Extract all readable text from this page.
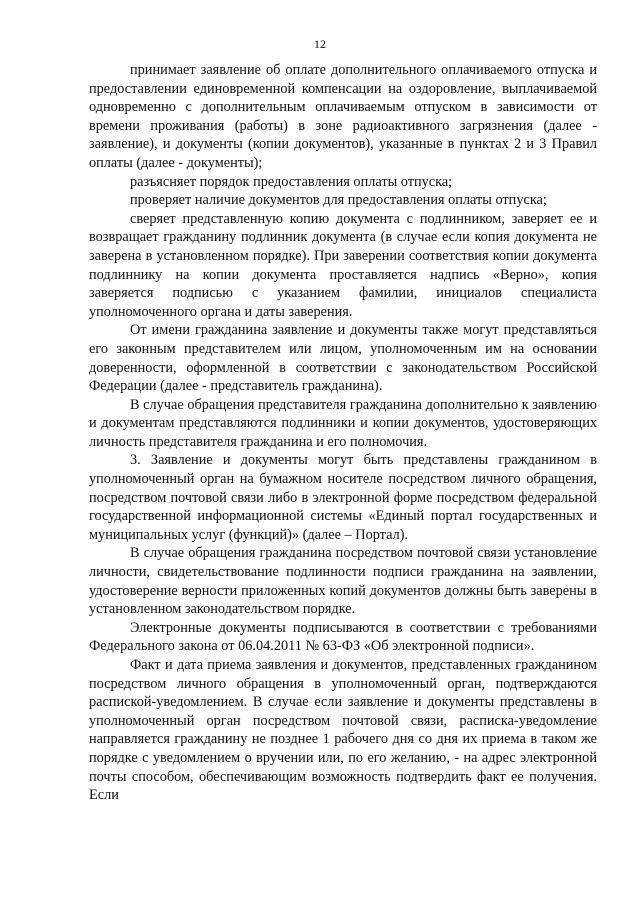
12

принимает заявление об оплате дополнительного оплачиваемого отпуска и предоставлении единовременной компенсации на оздоровление, выплачиваемой одновременно с дополнительным оплачиваемым отпуском в зависимости от времени проживания (работы) в зоне радиоактивного загрязнения (далее - заявление), и документы (копии документов), указанные в пунктах 2 и 3 Правил оплаты (далее - документы);

разъясняет порядок предоставления оплаты отпуска;

проверяет наличие документов для предоставления оплаты отпуска;

сверяет представленную копию документа с подлинником, заверяет ее и возвращает гражданину подлинник документа (в случае если копия документа не заверена в установленном порядке). При заверении соответствия копии документа подлиннику на копии документа проставляется надпись «Верно», копия заверяется подписью с указанием фамилии, инициалов специалиста уполномоченного органа и даты заверения.

От имени гражданина заявление и документы также могут представляться его законным представителем или лицом, уполномоченным им на основании доверенности, оформленной в соответствии с законодательством Российской Федерации (далее - представитель гражданина).

В случае обращения представителя гражданина дополнительно к заявлению и документам представляются подлинники и копии документов, удостоверяющих личность представителя гражданина и его полномочия.

3. Заявление и документы могут быть представлены гражданином в уполномоченный орган на бумажном носителе посредством личного обращения, посредством почтовой связи либо в электронной форме посредством федеральной государственной информационной системы «Единый портал государственных и муниципальных услуг (функций)» (далее – Портал).

В случае обращения гражданина посредством почтовой связи установление личности, свидетельствование подлинности подписи гражданина на заявлении, удостоверение верности приложенных копий документов должны быть заверены в установленном законодательством порядке.

Электронные документы подписываются в соответствии с требованиями Федерального закона от 06.04.2011 № 63-ФЗ «Об электронной подписи».

Факт и дата приема заявления и документов, представленных гражданином посредством личного обращения в уполномоченный орган, подтверждаются распиской-уведомлением. В случае если заявление и документы представлены в уполномоченный орган посредством почтовой связи, расписка-уведомление направляется гражданину не позднее 1 рабочего дня со дня их приема в таком же порядке с уведомлением о вручении или, по его желанию, - на адрес электронной почты способом, обеспечивающим возможность подтвердить факт ее получения. Если
